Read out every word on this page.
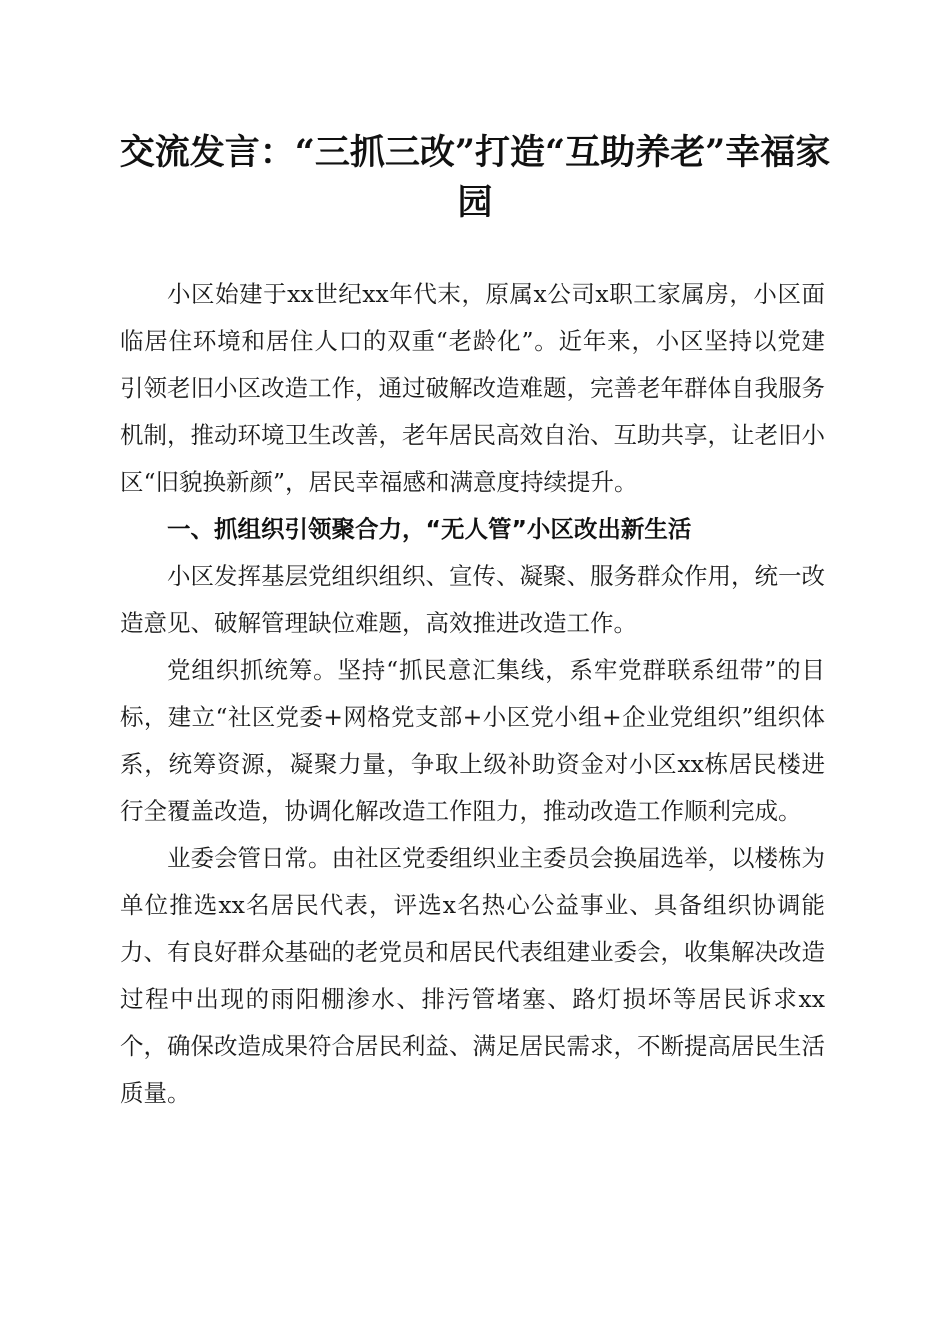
交流发言：“三抓三改”打造“互助养老”幸福家园

小区始建于xx世纪xx年代末，原属x公司x职工家属房，小区面临居住环境和居住人口的双重“老龄化”。近年来，小区坚持以党建引领老旧小区改造工作，通过破解改造难题，完善老年群体自我服务机制，推动环境卫生改善，老年居民高效自治、互助共享，让老旧小区“旧貌换新颜”，居民幸福感和满意度持续提升。

一、抓组织引领聚合力，“无人管”小区改出新生活

小区发挥基层党组织组织、宣传、凝聚、服务群众作用，统一改造意见、破解管理缺位难题，高效推进改造工作。

党组织抓统筹。坚持“抓民意汇集线，系牢党群联系纽带”的目标，建立“社区党委+网格党支部+小区党小组+企业党组织”组织体系，统筹资源，凝聚力量，争取上级补助资金对小区xx栋居民楼进行全覆盖改造，协调化解改造工作阻力，推动改造工作顺利完成。

业委会管日常。由社区党委组织业主委员会换届选举，以楼栋为单位推选xx名居民代表，评选x名热心公益事业、具备组织协调能力、有良好群众基础的老党员和居民代表组建业委会，收集解决改造过程中出现的雨阳棚渗水、排污管堵塞、路灯损坏等居民诉求xx个，确保改造成果符合居民利益、满足居民需求，不断提高居民生活质量。
